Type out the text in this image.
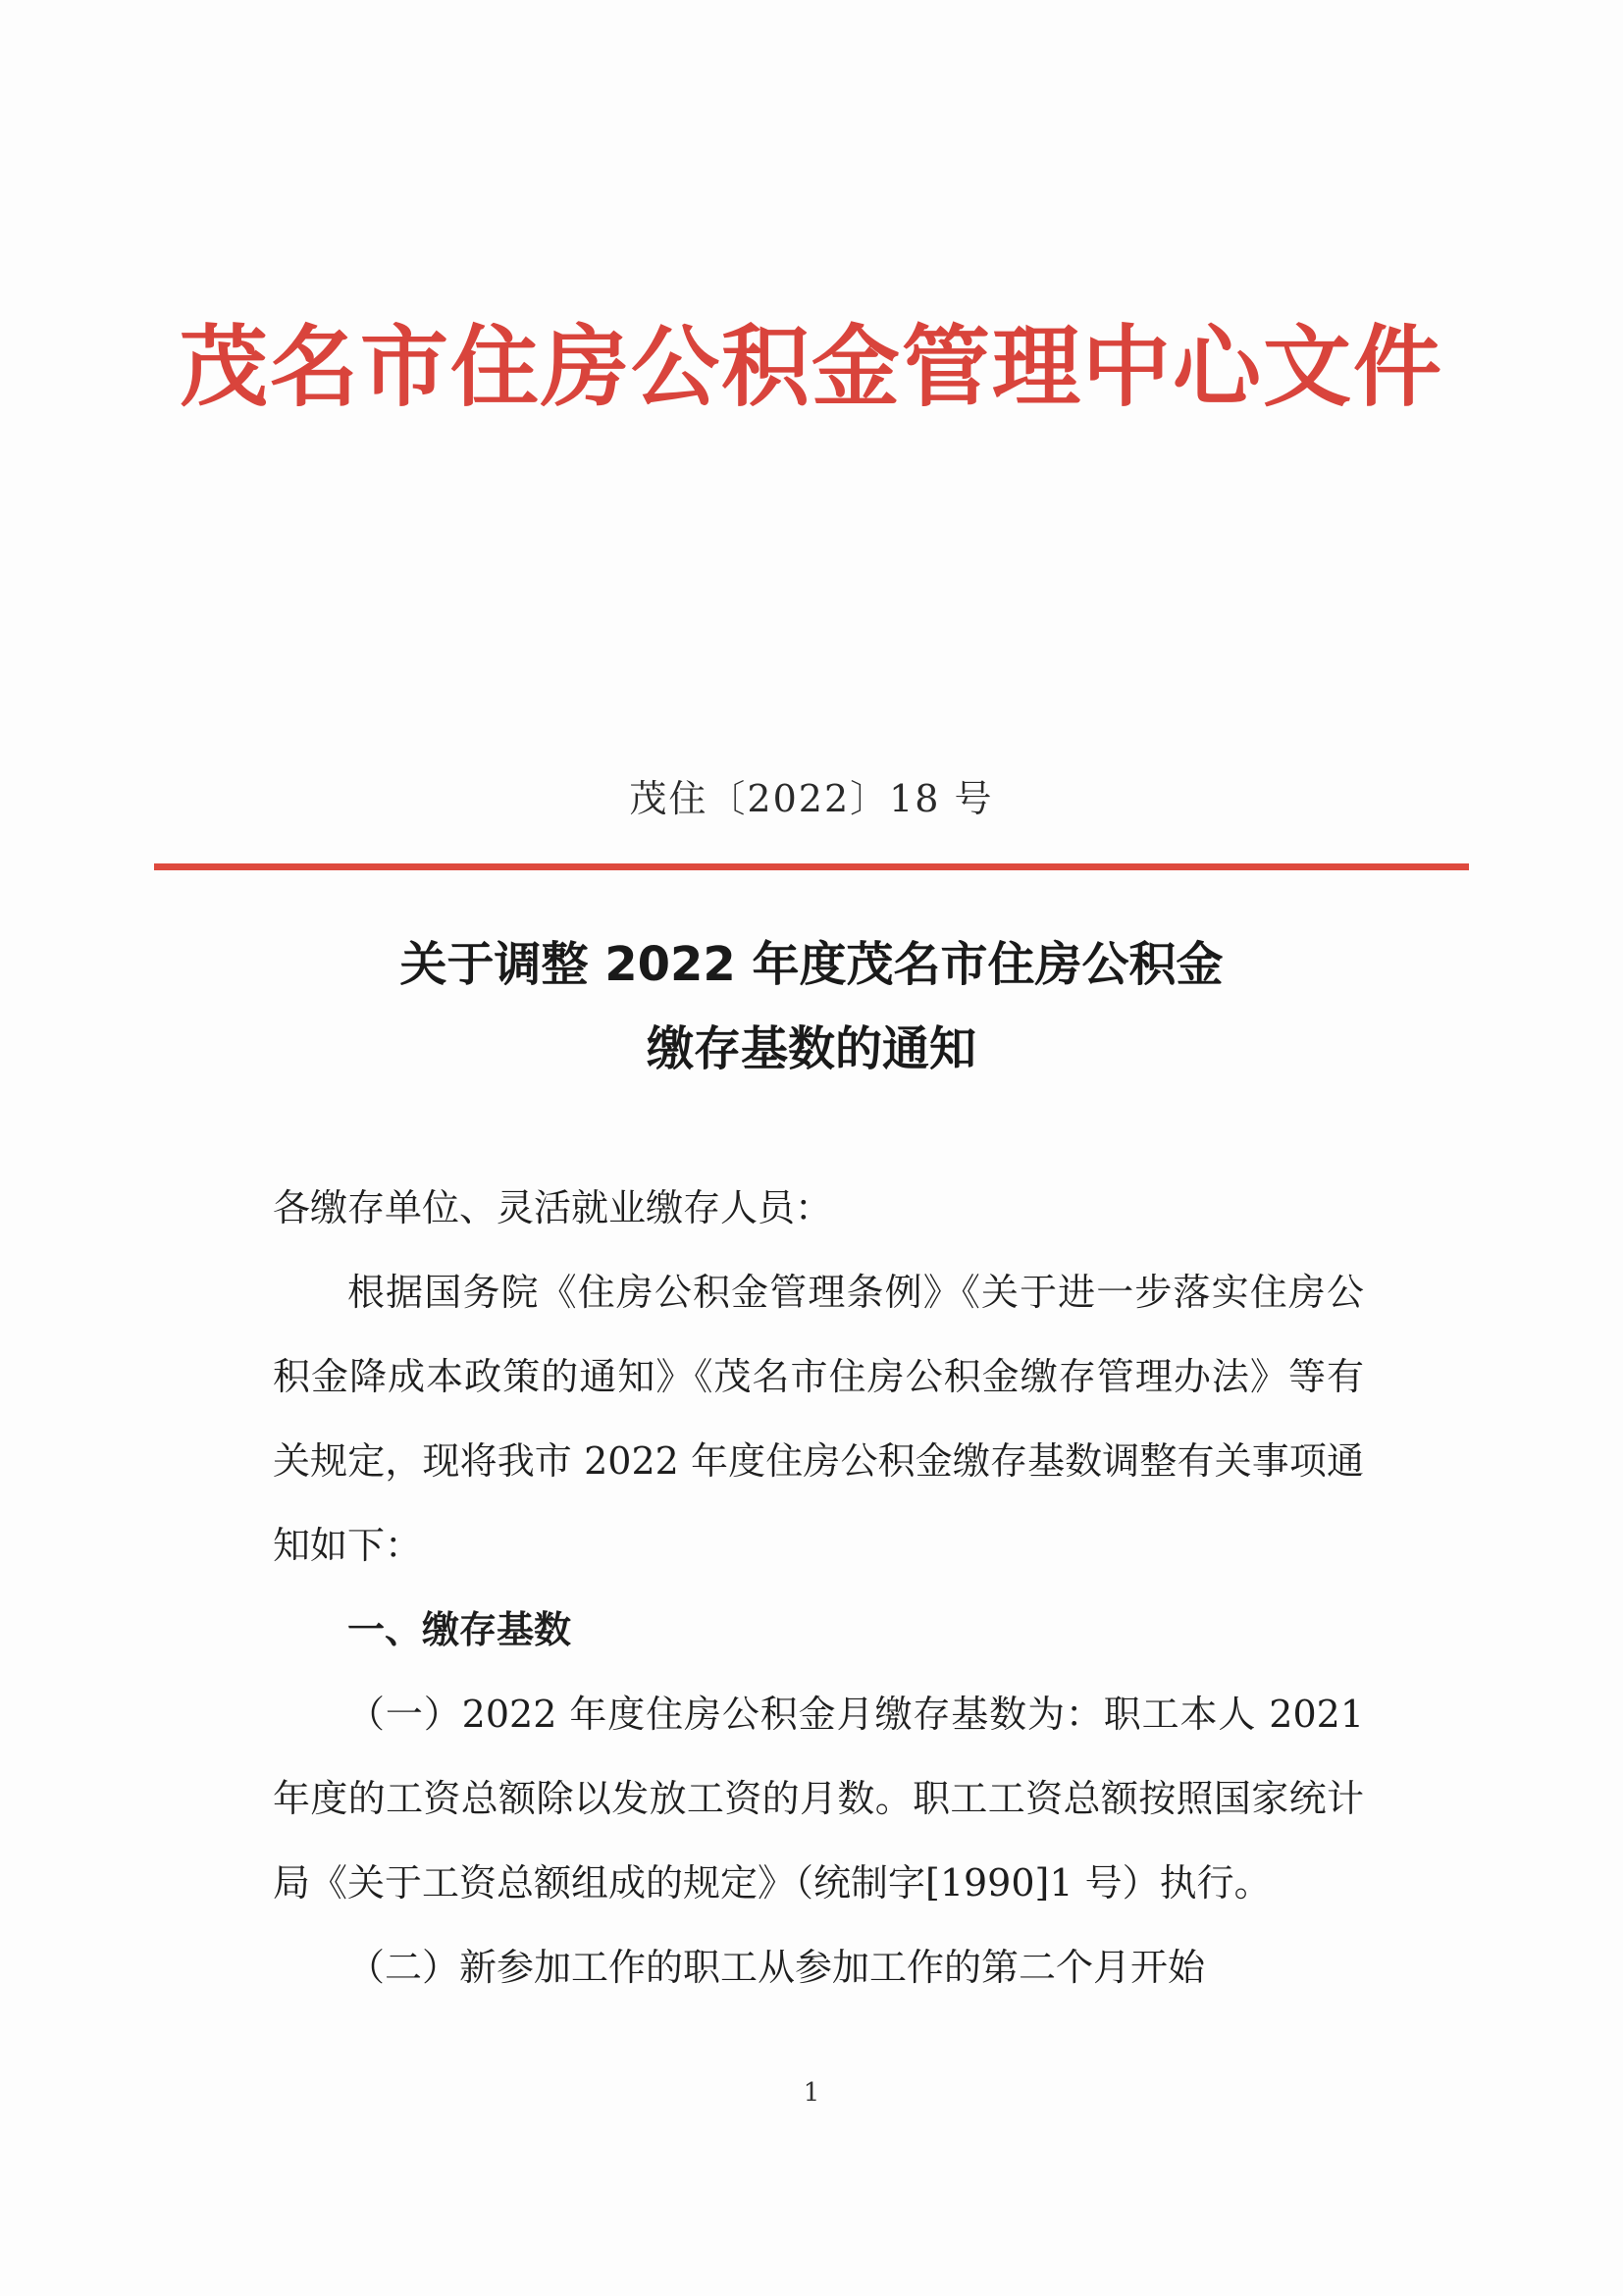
茂名市住房公积金管理中心文件
茂住〔2022〕18 号
关于调整 2022 年度茂名市住房公积金
缴存基数的通知

各缴存单位、灵活就业缴存人员：

根据国务院《住房公积金管理条例》《关于进一步落实住房公积金降成本政策的通知》《茂名市住房公积金缴存管理办法》等有关规定，现将我市 2022 年度住房公积金缴存基数调整有关事项通知如下：

一、缴存基数

（一）2022 年度住房公积金月缴存基数为：职工本人 2021 年度的工资总额除以发放工资的月数。职工工资总额按照国家统计局《关于工资总额组成的规定》（统制字[1990]1 号）执行。

（二）新参加工作的职工从参加工作的第二个月开始

1
